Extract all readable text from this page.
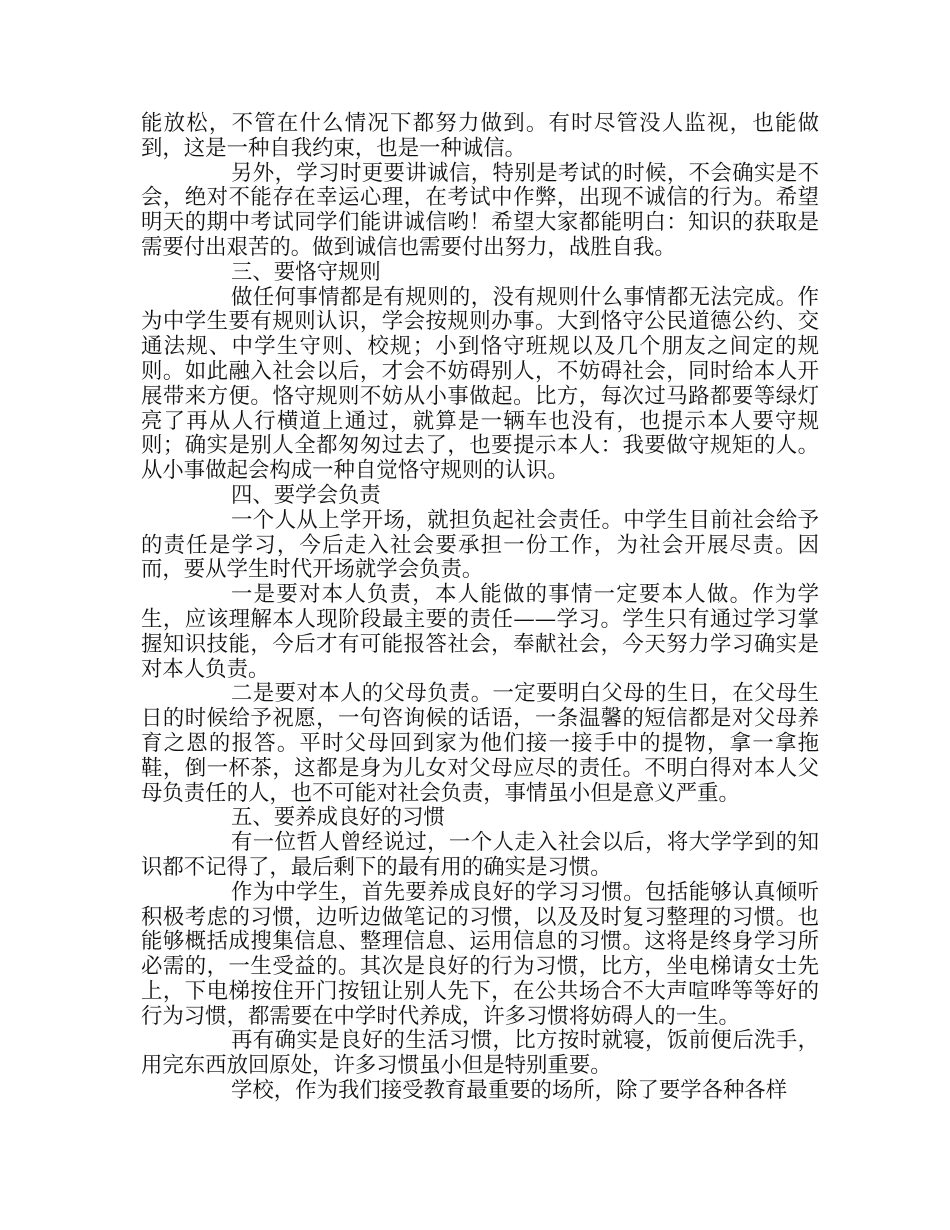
能放松，不管在什么情况下都努力做到。有时尽管没人监视，也能做到，这是一种自我约束，也是一种诚信。

另外，学习时更要讲诚信，特别是考试的时候，不会确实是不会，绝对不能存在幸运心理，在考试中作弊，出现不诚信的行为。希望明天的期中考试同学们能讲诚信哟！希望大家都能明白：知识的获取是需要付出艰苦的。做到诚信也需要付出努力，战胜自我。

三、要恪守规则

做任何事情都是有规则的，没有规则什么事情都无法完成。作为中学生要有规则认识，学会按规则办事。大到恪守公民道德公约、交通法规、中学生守则、校规；小到恪守班规以及几个朋友之间定的规则。如此融入社会以后，才会不妨碍别人，不妨碍社会，同时给本人开展带来方便。恪守规则不妨从小事做起。比方，每次过马路都要等绿灯亮了再从人行横道上通过，就算是一辆车也没有，也提示本人要守规则；确实是别人全都匆匆过去了，也要提示本人：我要做守规矩的人。从小事做起会构成一种自觉恪守规则的认识。

四、要学会负责

一个人从上学开场，就担负起社会责任。中学生目前社会给予的责任是学习，今后走入社会要承担一份工作，为社会开展尽责。因而，要从学生时代开场就学会负责。

一是要对本人负责，本人能做的事情一定要本人做。作为学生，应该理解本人现阶段最主要的责任——学习。学生只有通过学习掌握知识技能，今后才有可能报答社会，奉献社会，今天努力学习确实是对本人负责。

二是要对本人的父母负责。一定要明白父母的生日，在父母生日的时候给予祝愿，一句咨询候的话语，一条温馨的短信都是对父母养育之恩的报答。平时父母回到家为他们接一接手中的提物，拿一拿拖鞋，倒一杯茶，这都是身为儿女对父母应尽的责任。不明白得对本人父母负责任的人，也不可能对社会负责，事情虽小但是意义严重。

五、要养成良好的习惯

有一位哲人曾经说过，一个人走入社会以后，将大学学到的知识都不记得了，最后剩下的最有用的确实是习惯。

作为中学生，首先要养成良好的学习习惯。包括能够认真倾听积极考虑的习惯，边听边做笔记的习惯，以及及时复习整理的习惯。也能够概括成搜集信息、整理信息、运用信息的习惯。这将是终身学习所必需的，一生受益的。其次是良好的行为习惯，比方，坐电梯请女士先上，下电梯按住开门按钮让别人先下，在公共场合不大声喧哗等等好的行为习惯，都需要在中学时代养成，许多习惯将妨碍人的一生。

再有确实是良好的生活习惯，比方按时就寝，饭前便后洗手，用完东西放回原处，许多习惯虽小但是特别重要。

学校，作为我们接受教育最重要的场所，除了要学各种各样
